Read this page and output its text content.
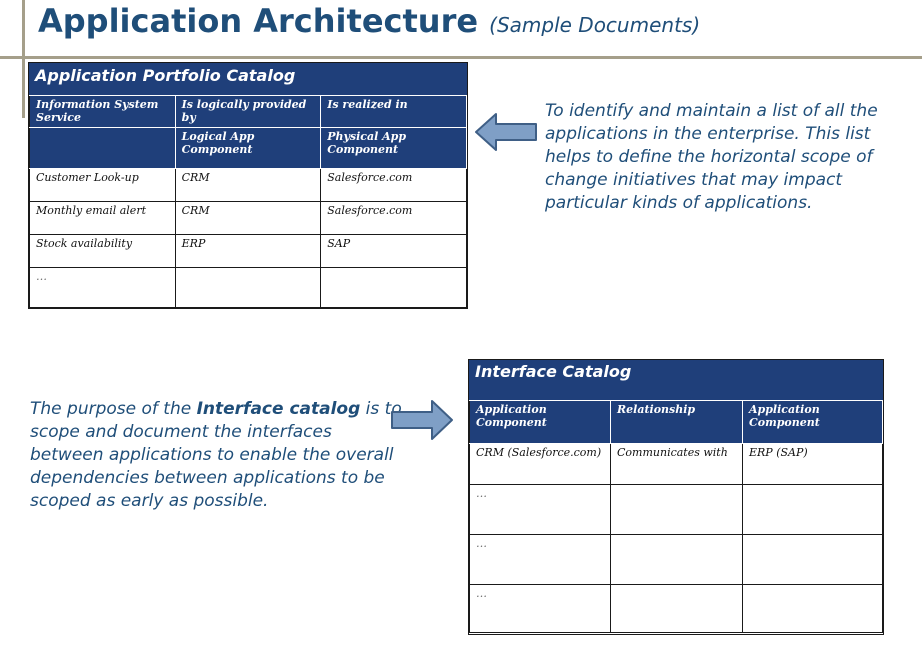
Application Architecture (Sample Documents)
Application Portfolio Catalog
Information System Service	Is logically provided by	Is realized in
	Logical App Component	Physical App Component
Customer Look-up	CRM	Salesforce.com
Monthly email alert	CRM	Salesforce.com
Stock availability	ERP	SAP
…		
To identify and maintain a list of all the applications in the enterprise. This list helps to define the horizontal scope of change initiatives that may impact particular kinds of applications.
The purpose of the Interface catalog is to scope and document the interfaces between applications to enable the overall dependencies between applications to be scoped as early as possible.
Interface Catalog
Application Component	Relationship	Application Component
CRM (Salesforce.com)	Communicates with	ERP (SAP)
…		
…		
…		
